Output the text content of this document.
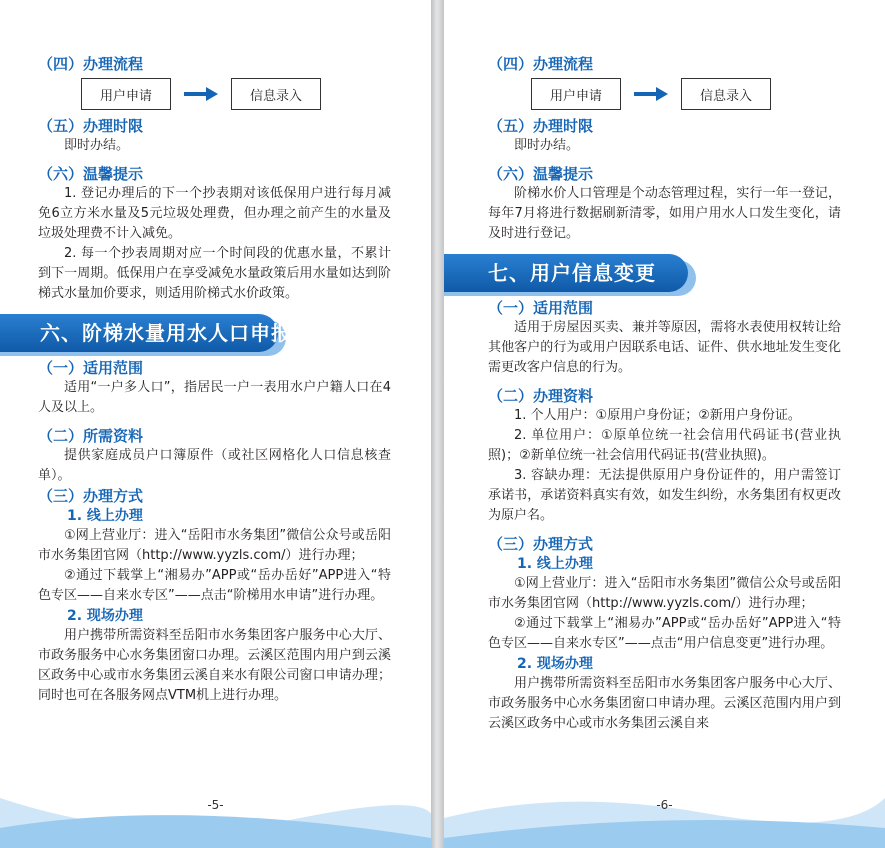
（四）办理流程
用户申请	信息录入
（五）办理时限

即时办结。

（六）温馨提示

1. 登记办理后的下一个抄表期对该低保用户进行每月减免6立方米水量及5元垃圾处理费，但办理之前产生的水量及垃圾处理费不计入减免。

2. 每一个抄表周期对应一个时间段的优惠水量，不累计到下一周期。低保用户在享受减免水量政策后用水量如达到阶梯式水量加价要求，则适用阶梯式水价政策。

六、阶梯水量用水人口申报
（一）适用范围

适用“一户多人口”，指居民一户一表用水户户籍人口在4人及以上。

（二）所需资料

提供家庭成员户口簿原件（或社区网格化人口信息核查单）。

（三）办理方式
1. 线上办理

①网上营业厅：进入“岳阳市水务集团”微信公众号或岳阳市水务集团官网（http://www.yyzls.com/）进行办理；

②通过下载掌上“湘易办”APP或“岳办岳好”APP进入“特色专区——自来水专区”——点击“阶梯用水申请”进行办理。

2. 现场办理

用户携带所需资料至岳阳市水务集团客户服务中心大厅、市政务服务中心水务集团窗口办理。云溪区范围内用户到云溪区政务中心或市水务集团云溪自来水有限公司窗口申请办理；同时也可在各服务网点VTM机上进行办理。

-5-
（四）办理流程
用户申请	信息录入
（五）办理时限

即时办结。

（六）温馨提示

阶梯水价人口管理是个动态管理过程，实行一年一登记，每年7月将进行数据刷新清零，如用户用水人口发生变化，请及时进行登记。

七、用户信息变更
（一）适用范围

适用于房屋因买卖、兼并等原因，需将水表使用权转让给其他客户的行为或用户因联系电话、证件、供水地址发生变化需更改客户信息的行为。

（二）办理资料

1. 个人用户：①原用户身份证；②新用户身份证。

2. 单位用户：①原单位统一社会信用代码证书(营业执照)；②新单位统一社会信用代码证书(营业执照)。

3. 容缺办理：无法提供原用户身份证件的，用户需签订承诺书，承诺资料真实有效，如发生纠纷，水务集团有权更改为原户名。

（三）办理方式
1. 线上办理

①网上营业厅：进入“岳阳市水务集团”微信公众号或岳阳市水务集团官网（http://www.yyzls.com/）进行办理；

②通过下载掌上“湘易办”APP或“岳办岳好”APP进入“特色专区——自来水专区”——点击“用户信息变更”进行办理。

2. 现场办理

用户携带所需资料至岳阳市水务集团客户服务中心大厅、市政务服务中心水务集团窗口申请办理。云溪区范围内用户到云溪区政务中心或市水务集团云溪自来

-6-
